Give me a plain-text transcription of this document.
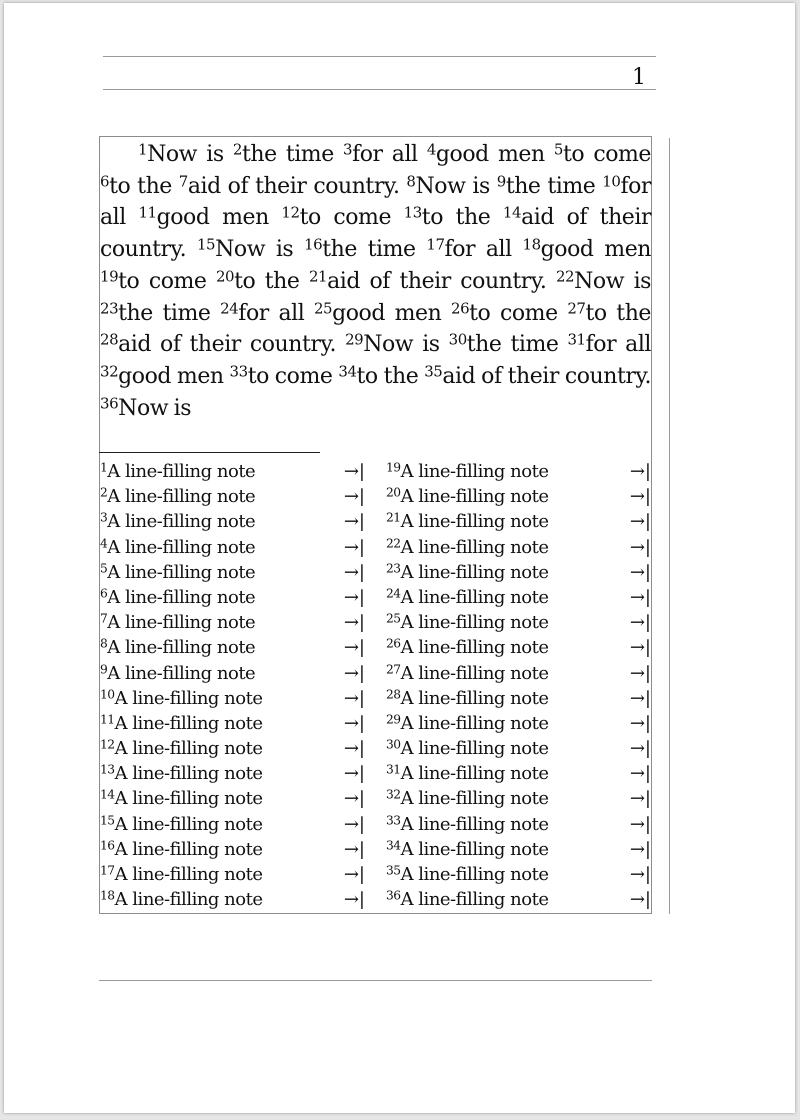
1

$^1$Now is $^2$the time $^3$for all $^4$good men $^5$to come $^6$to the $^7$aid of their country. $^8$Now is $^9$the time $^{10}$for all $^{11}$good men $^{12}$to come $^{13}$to the $^{14}$aid of their country. $^{15}$Now is $^{16}$the time $^{17}$for all $^{18}$good men $^{19}$to come $^{20}$to the $^{21}$aid of their country. $^{22}$Now is $^{23}$the time $^{24}$for all $^{25}$good men $^{26}$to come $^{27}$to the $^{28}$aid of their country. $^{29}$Now is $^{30}$the time $^{31}$for all $^{32}$good men $^{33}$to come $^{34}$to the $^{35}$aid of their country. $^{36}$Now is

$^1$A line-filling note	→|
$^2$A line-filling note	→|
$^3$A line-filling note	→|
$^4$A line-filling note	→|
$^5$A line-filling note	→|
$^6$A line-filling note	→|
$^7$A line-filling note	→|
$^8$A line-filling note	→|
$^9$A line-filling note	→|
$^{10}$A line-filling note	→|
$^{11}$A line-filling note	→|
$^{12}$A line-filling note	→|
$^{13}$A line-filling note	→|
$^{14}$A line-filling note	→|
$^{15}$A line-filling note	→|
$^{16}$A line-filling note	→|
$^{17}$A line-filling note	→|
$^{18}$A line-filling note	→|
$^{19}$A line-filling note	→|
$^{20}$A line-filling note	→|
$^{21}$A line-filling note	→|
$^{22}$A line-filling note	→|
$^{23}$A line-filling note	→|
$^{24}$A line-filling note	→|
$^{25}$A line-filling note	→|
$^{26}$A line-filling note	→|
$^{27}$A line-filling note	→|
$^{28}$A line-filling note	→|
$^{29}$A line-filling note	→|
$^{30}$A line-filling note	→|
$^{31}$A line-filling note	→|
$^{32}$A line-filling note	→|
$^{33}$A line-filling note	→|
$^{34}$A line-filling note	→|
$^{35}$A line-filling note	→|
$^{36}$A line-filling note	→|
